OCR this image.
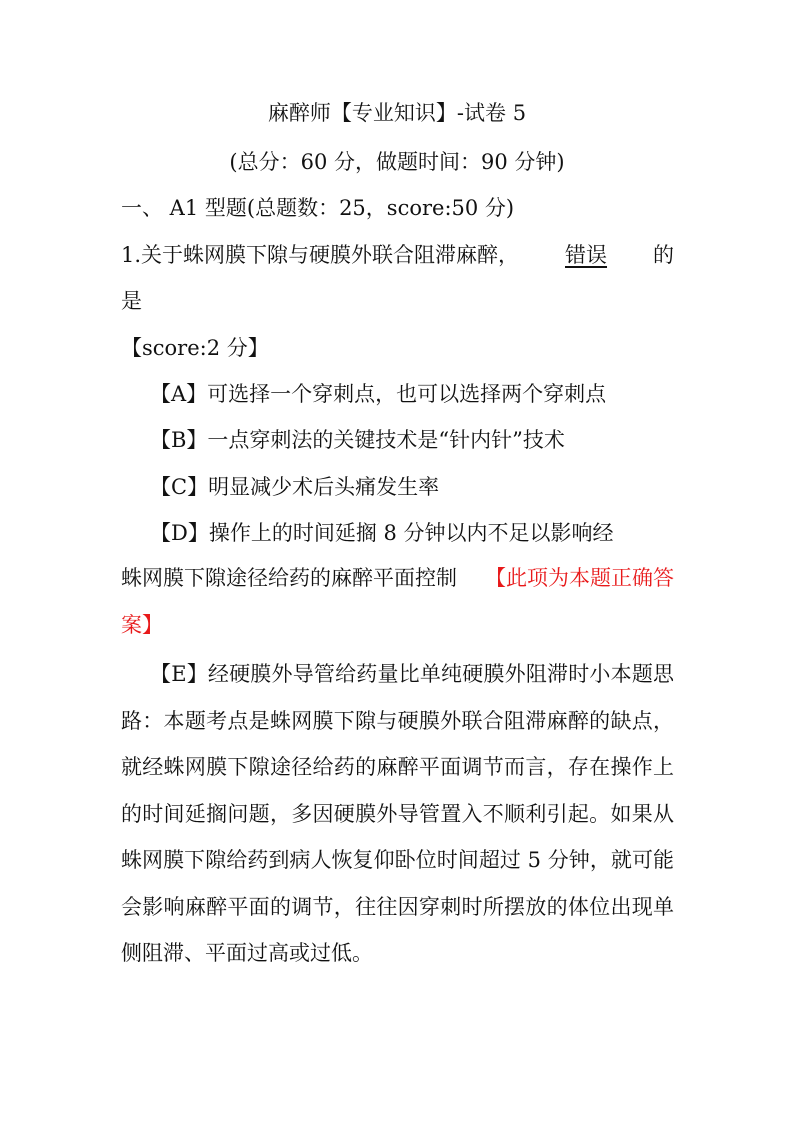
麻醉师【专业知识】-试卷 5
(总分：60 分，做题时间：90 分钟)
一、 A1 型题(总题数：25，score:50 分)
1.关于蛛网膜下隙与硬膜外联合阻滞麻醉， 错误 的
是
【score:2 分】
【A】可选择一个穿刺点，也可以选择两个穿刺点
【B】一点穿刺法的关键技术是“针内针”技术
【C】明显减少术后头痛发生率
【D】操作上的时间延搁 8 分钟以内不足以影响经
蛛网膜下隙途径给药的麻醉平面控制 【此项为本题正确答案】
【E】经硬膜外导管给药量比单纯硬膜外阻滞时小本题思路：本题考点是蛛网膜下隙与硬膜外联合阻滞麻醉的缺点，就经蛛网膜下隙途径给药的麻醉平面调节而言，存在操作上的时间延搁问题，多因硬膜外导管置入不顺利引起。如果从蛛网膜下隙给药到病人恢复仰卧位时间超过 5 分钟，就可能会影响麻醉平面的调节，往往因穿刺时所摆放的体位出现单侧阻滞、平面过高或过低。
